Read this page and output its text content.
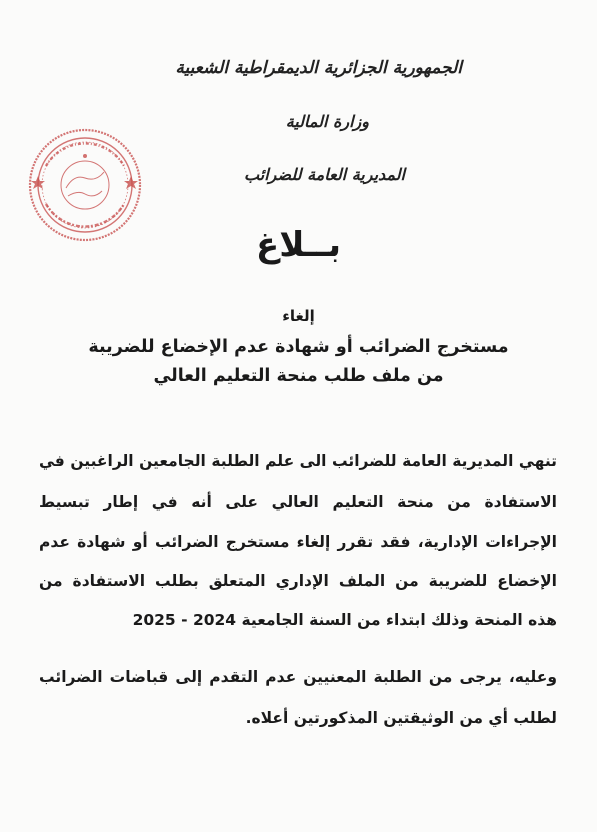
الجمهورية الجزائرية الديمقراطية الشعبية
وزارة المالية
المديرية العامة للضرائب
بــلاغ
إلغاء
مستخرج الضرائب أو شهادة عدم الإخضاع للضريبة
من ملف طلب منحة التعليم العالي
تنهي المديرية العامة للضرائب الى علم الطلبة الجامعين الراغبين في
الاستفادة من منحة التعليم العالي على أنه في إطار تبسيط
الإجراءات الإدارية، فقد تقرر إلغاء مستخرج الضرائب أو شهادة عدم
الإخضاع للضريبة من الملف الإداري المتعلق بطلب الاستفادة من
هذه المنحة وذلك ابتداء من السنة الجامعية 2024 - 2025
وعليه، يرجى من الطلبة المعنيين عدم التقدم إلى قباضات الضرائب
لطلب أي من الوثيقتين المذكورتين أعلاه.
